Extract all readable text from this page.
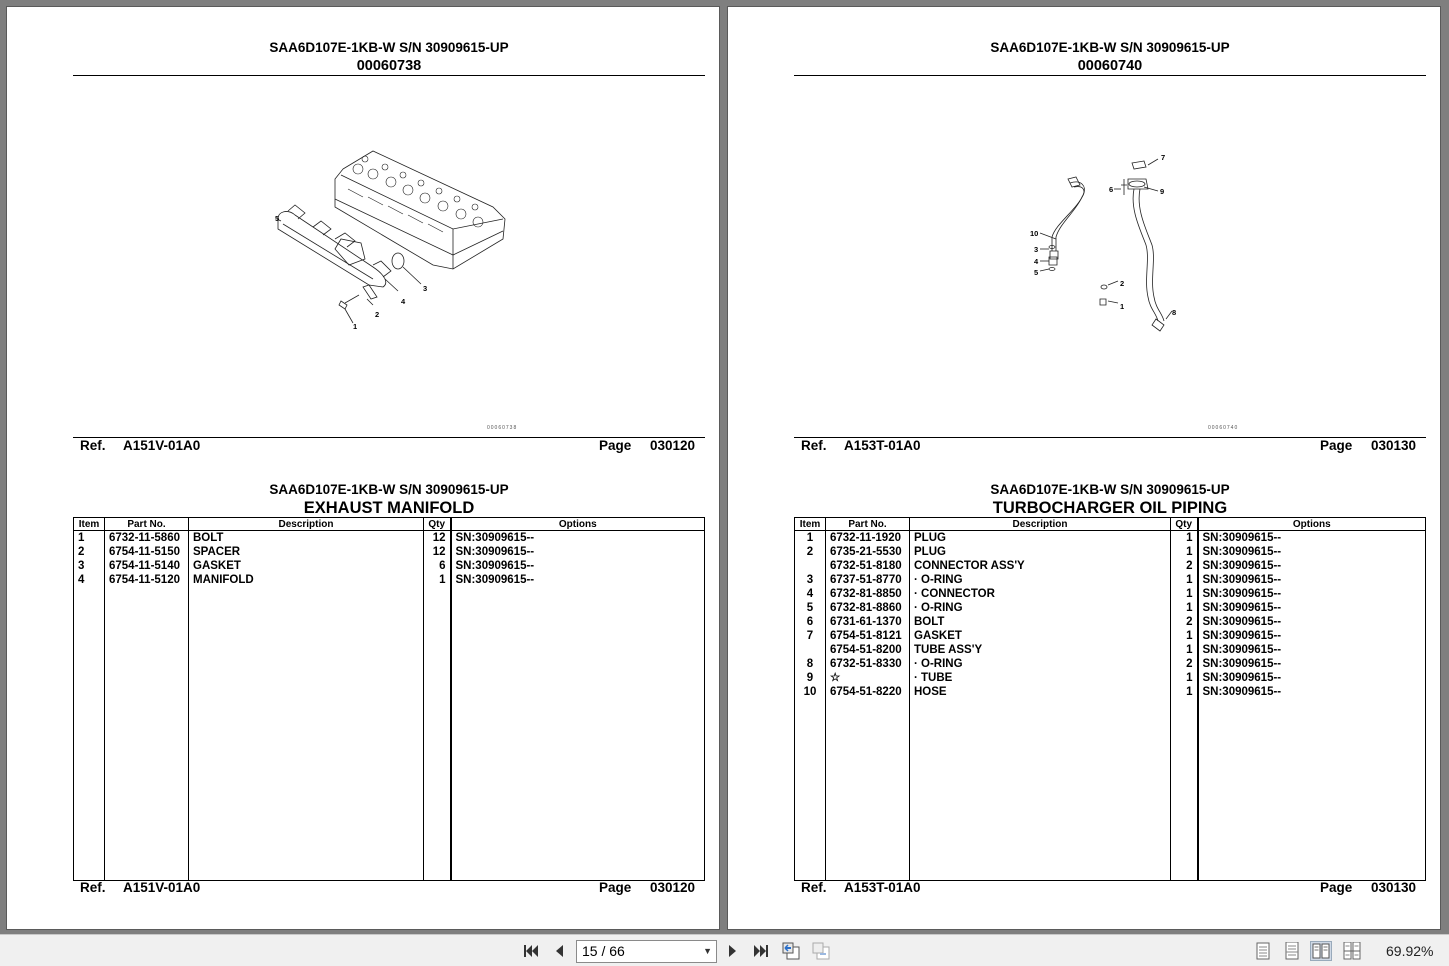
SAA6D107E-1KB-W S/N 30909615-UP
00060738
3
4
2
1
5
00060738
Ref. A151V-01A0	Page 030120
SAA6D107E-1KB-W S/N 30909615-UP
EXHAUST MANIFOLD
Item	Part No.	Description	Qty	Options
1	6732-11-5860	BOLT	12	SN:30909615--
2	6754-11-5150	SPACER	12	SN:30909615--
3	6754-11-5140	GASKET	6	SN:30909615--
4	6754-11-5120	MANIFOLD	1	SN:30909615--

Ref. A151V-01A0	Page 030120
SAA6D107E-1KB-W S/N 30909615-UP
00060740
7
6	9
10
3
4
5
2
1
8
00060740
Ref. A153T-01A0	Page 030130
SAA6D107E-1KB-W S/N 30909615-UP
TURBOCHARGER OIL PIPING
Item	Part No.	Description	Qty	Options
1	6732-11-1920	PLUG	1	SN:30909615--
2	6735-21-5530	PLUG	1	SN:30909615--
	6732-51-8180	CONNECTOR ASS'Y	2	SN:30909615--
3	6737-51-8770	· O-RING	1	SN:30909615--
4	6732-81-8850	· CONNECTOR	1	SN:30909615--
5	6732-81-8860	· O-RING	1	SN:30909615--
6	6731-61-1370	BOLT	2	SN:30909615--
7	6754-51-8121	GASKET	1	SN:30909615--
	6754-51-8200	TUBE ASS'Y	1	SN:30909615--
8	6732-51-8330	· O-RING	2	SN:30909615--
9	☆	· TUBE	1	SN:30909615--
10	6754-51-8220	HOSE	1	SN:30909615--

Ref. A153T-01A0	Page 030130
15 / 66	▼	69.92%
